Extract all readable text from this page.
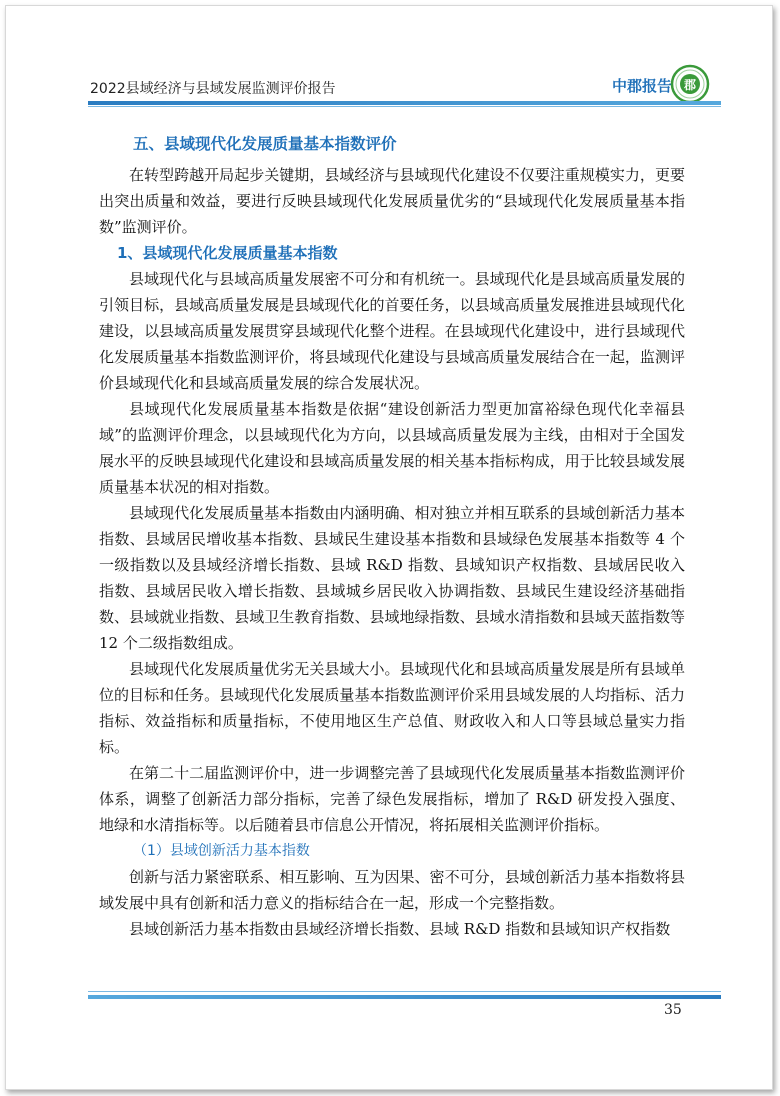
2022县域经济与县域发展监测评价报告	中郡报告 郡
五、县域现代化发展质量基本指数评价

在转型跨越开局起步关键期，县域经济与县域现代化建设不仅要注重规模实力，更要出突出质量和效益，要进行反映县域现代化发展质量优劣的“县域现代化发展质量基本指数”监测评价。

1、县域现代化发展质量基本指数

县域现代化与县域高质量发展密不可分和有机统一。县域现代化是县域高质量发展的引领目标，县域高质量发展是县域现代化的首要任务，以县域高质量发展推进县域现代化建设，以县域高质量发展贯穿县域现代化整个进程。在县域现代化建设中，进行县域现代化发展质量基本指数监测评价，将县域现代化建设与县域高质量发展结合在一起，监测评价县域现代化和县域高质量发展的综合发展状况。

县域现代化发展质量基本指数是依据“建设创新活力型更加富裕绿色现代化幸福县域”的监测评价理念，以县域现代化为方向，以县域高质量发展为主线，由相对于全国发展水平的反映县域现代化建设和县域高质量发展的相关基本指标构成，用于比较县域发展质量基本状况的相对指数。

县域现代化发展质量基本指数由内涵明确、相对独立并相互联系的县域创新活力基本指数、县域居民增收基本指数、县域民生建设基本指数和县域绿色发展基本指数等 4 个一级指数以及县域经济增长指数、县域 R&D 指数、县域知识产权指数、县域居民收入指数、县域居民收入增长指数、县域城乡居民收入协调指数、县域民生建设经济基础指数、县域就业指数、县域卫生教育指数、县域地绿指数、县域水清指数和县域天蓝指数等 12 个二级指数组成。

县域现代化发展质量优劣无关县域大小。县域现代化和县域高质量发展是所有县域单位的目标和任务。县域现代化发展质量基本指数监测评价采用县域发展的人均指标、活力指标、效益指标和质量指标，不使用地区生产总值、财政收入和人口等县域总量实力指标。

在第二十二届监测评价中，进一步调整完善了县域现代化发展质量基本指数监测评价体系，调整了创新活力部分指标，完善了绿色发展指标，增加了 R&D 研发投入强度、地绿和水清指标等。以后随着县市信息公开情况，将拓展相关监测评价指标。

（1）县域创新活力基本指数

创新与活力紧密联系、相互影响、互为因果、密不可分，县域创新活力基本指数将县域发展中具有创新和活力意义的指标结合在一起，形成一个完整指数。

县域创新活力基本指数由县域经济增长指数、县域 R&D 指数和县域知识产权指数

35
